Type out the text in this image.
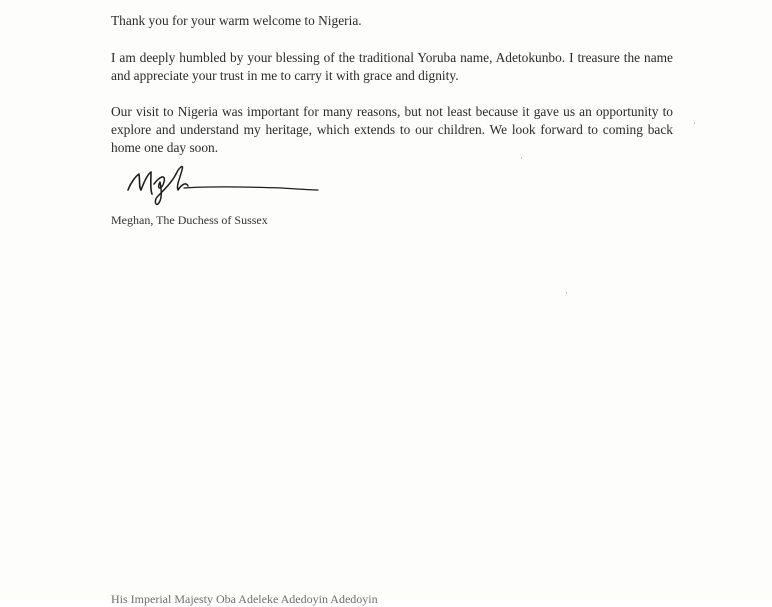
Thank you for your warm welcome to Nigeria.

I am deeply humbled by your blessing of the traditional Yoruba name, Adetokunbo. I treasure the name and appreciate your trust in me to carry it with grace and dignity.

Our visit to Nigeria was important for many reasons, but not least because it gave us an opportunity to explore and understand my heritage, which extends to our children. We look forward to coming back home one day soon.

Meghan, The Duchess of Sussex
His Imperial Majesty Oba Adeleke Adedoyin Adedoyin
